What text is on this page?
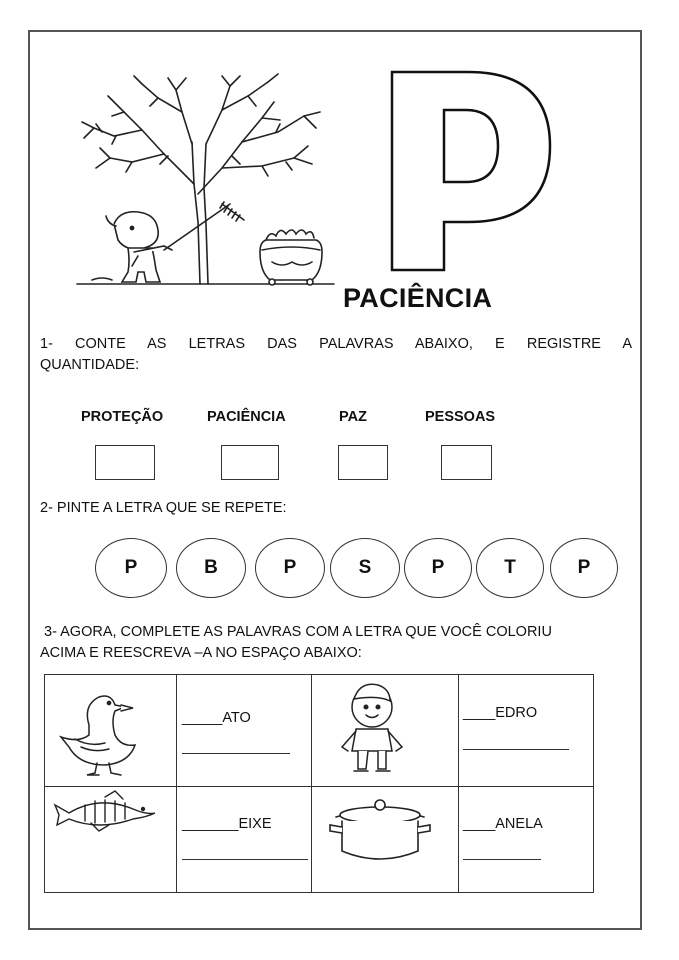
PACIÊNCIA
1- CONTE AS LETRAS DAS PALAVRAS ABAIXO, E REGISTRE A QUANTIDADE:
PROTEÇÃO	PACIÊNCIA	PAZ	PESSOAS
2- PINTE A LETRA QUE SE REPETE:
P	B	P	S	P	T	P
3- AGORA, COMPLETE AS PALAVRAS COM A LETRA QUE VOCÊ COLORIU
ACIMA E REESCREVA –A NO ESPAÇO ABAIXO:

_____ATO		____EDRO

_______EIXE		____ANELA
